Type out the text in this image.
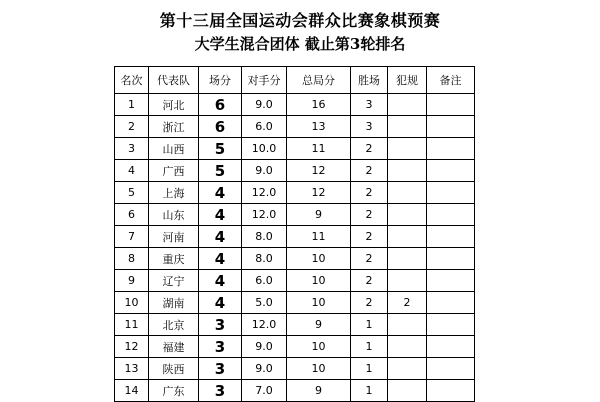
第十三届全国运动会群众比赛象棋预赛
大学生混合团体 截止第3轮排名
名次	代表队	场分	对手分	总局分	胜场	犯规	备注
1	河北	6	9.0	16	3		
2	浙江	6	6.0	13	3		
3	山西	5	10.0	11	2		
4	广西	5	9.0	12	2		
5	上海	4	12.0	12	2		
6	山东	4	12.0	9	2		
7	河南	4	8.0	11	2		
8	重庆	4	8.0	10	2		
9	辽宁	4	6.0	10	2		
10	湖南	4	5.0	10	2	2	
11	北京	3	12.0	9	1		
12	福建	3	9.0	10	1		
13	陕西	3	9.0	10	1		
14	广东	3	7.0	9	1		
